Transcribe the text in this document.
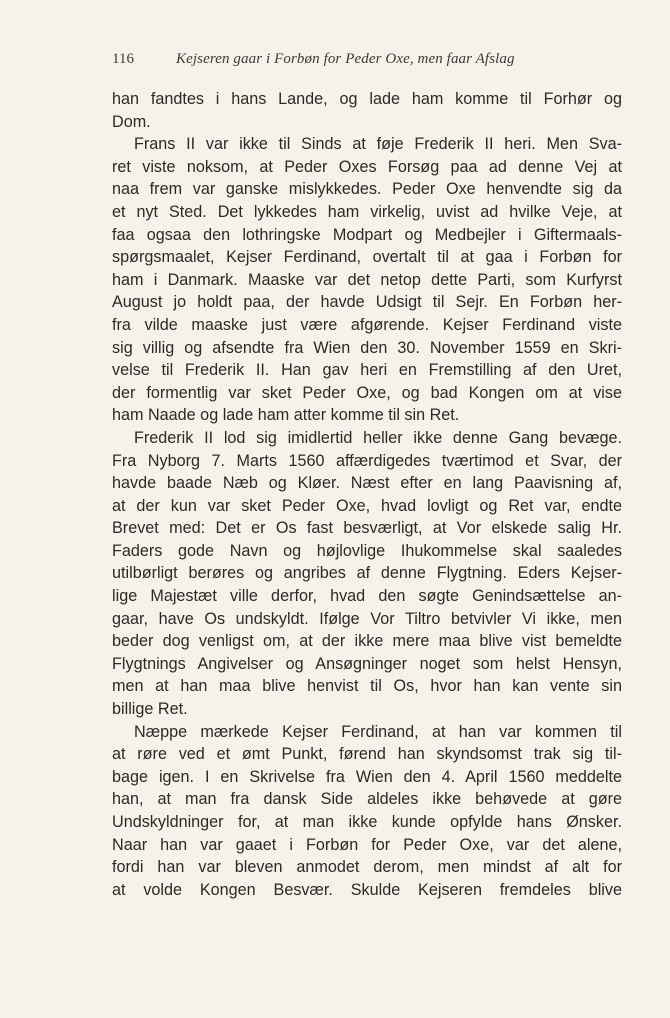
116	Kejseren gaar i Forbøn for Peder Oxe, men faar Afslag
han fandtes i hans Lande, og lade ham komme til Forhør og
Dom.
Frans II var ikke til Sinds at føje Frederik II heri. Men Sva-
ret viste noksom, at Peder Oxes Forsøg paa ad denne Vej at
naa frem var ganske mislykkedes. Peder Oxe henvendte sig da
et nyt Sted. Det lykkedes ham virkelig, uvist ad hvilke Veje, at
faa ogsaa den lothringske Modpart og Medbejler i Giftermaals-
spørgsmaalet, Kejser Ferdinand, overtalt til at gaa i Forbøn for
ham i Danmark. Maaske var det netop dette Parti, som Kurfyrst
August jo holdt paa, der havde Udsigt til Sejr. En Forbøn her-
fra vilde maaske just være afgørende. Kejser Ferdinand viste
sig villig og afsendte fra Wien den 30. November 1559 en Skri-
velse til Frederik II. Han gav heri en Fremstilling af den Uret,
der formentlig var sket Peder Oxe, og bad Kongen om at vise
ham Naade og lade ham atter komme til sin Ret.
Frederik II lod sig imidlertid heller ikke denne Gang bevæge.
Fra Nyborg 7. Marts 1560 affærdigedes tværtimod et Svar, der
havde baade Næb og Kløer. Næst efter en lang Paavisning af,
at der kun var sket Peder Oxe, hvad lovligt og Ret var, endte
Brevet med: Det er Os fast besværligt, at Vor elskede salig Hr.
Faders gode Navn og højlovlige Ihukommelse skal saaledes
utilbørligt berøres og angribes af denne Flygtning. Eders Kejser-
lige Majestæt ville derfor, hvad den søgte Genindsættelse an-
gaar, have Os undskyldt. Ifølge Vor Tiltro betvivler Vi ikke, men
beder dog venligst om, at der ikke mere maa blive vist bemeldte
Flygtnings Angivelser og Ansøgninger noget som helst Hensyn,
men at han maa blive henvist til Os, hvor han kan vente sin
billige Ret.
Næppe mærkede Kejser Ferdinand, at han var kommen til
at røre ved et ømt Punkt, førend han skyndsomst trak sig til-
bage igen. I en Skrivelse fra Wien den 4. April 1560 meddelte
han, at man fra dansk Side aldeles ikke behøvede at gøre
Undskyldninger for, at man ikke kunde opfylde hans Ønsker.
Naar han var gaaet i Forbøn for Peder Oxe, var det alene,
fordi han var bleven anmodet derom, men mindst af alt for
at volde Kongen Besvær. Skulde Kejseren fremdeles blive
